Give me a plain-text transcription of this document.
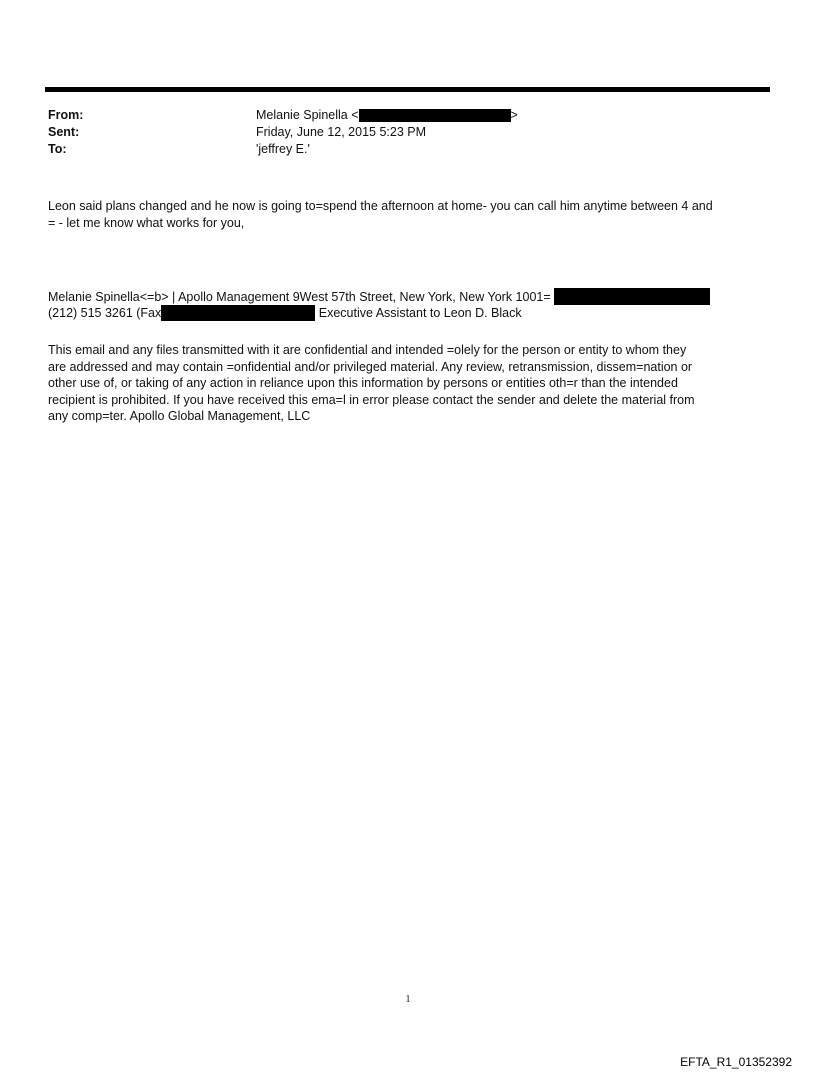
From:	Melanie Spinella <	>
Sent:	Friday, June 12, 2015 5:23 PM
To:	'jeffrey E.'
Leon said plans changed and he now is going to=spend the afternoon at home- you can call him anytime between 4 and
= - let me know what works for you,
Melanie Spinella<=b> | Apollo Management 9West 57th Street, New York, New York 1001=
(212) 515 3261 (Fax	Executive Assistant to Leon D. Black
This email and any files transmitted with it are confidential and intended =olely for the person or entity to whom they
are addressed and may contain =onfidential and/or privileged material. Any review, retransmission, dissem=nation or
other use of, or taking of any action in reliance upon this information by persons or entities oth=r than the intended
recipient is prohibited. If you have received this ema=l in error please contact the sender and delete the material from
any comp=ter. Apollo Global Management, LLC
1
EFTA_R1_01352392
